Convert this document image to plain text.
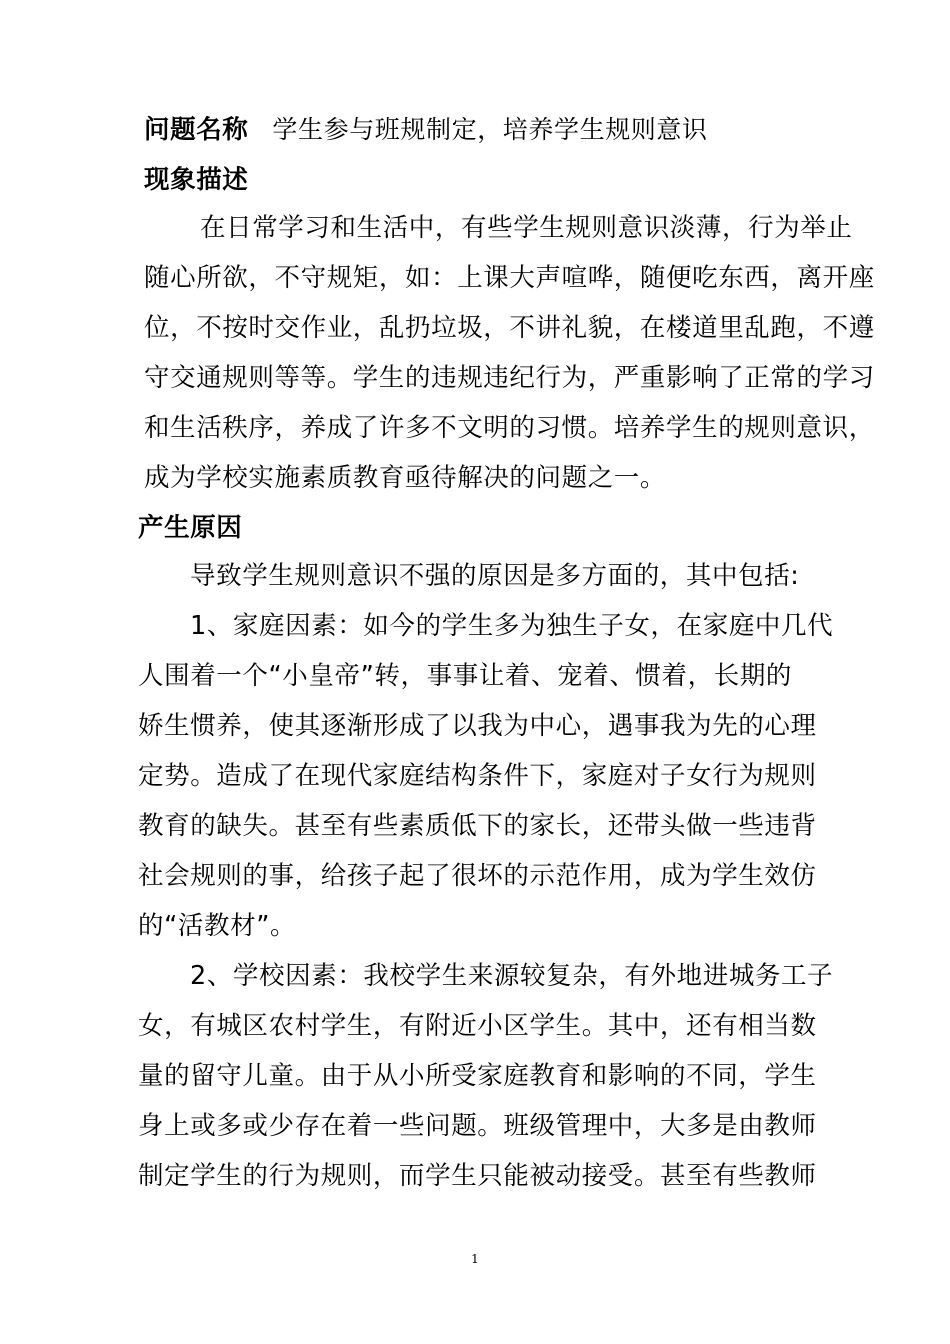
问题名称 学生参与班规制定，培养学生规则意识
现象描述
在日常学习和生活中，有些学生规则意识淡薄，行为举止
随心所欲，不守规矩，如：上课大声喧哗，随便吃东西，离开座
位，不按时交作业，乱扔垃圾，不讲礼貌，在楼道里乱跑，不遵
守交通规则等等。学生的违规违纪行为，严重影响了正常的学习
和生活秩序，养成了许多不文明的习惯。培养学生的规则意识，
成为学校实施素质教育亟待解决的问题之一。
产生原因
导致学生规则意识不强的原因是多方面的，其中包括:
1、家庭因素：如今的学生多为独生子女，在家庭中几代
人围着一个“小皇帝”转，事事让着、宠着、惯着，长期的
娇生惯养，使其逐渐形成了以我为中心，遇事我为先的心理
定势。造成了在现代家庭结构条件下，家庭对子女行为规则
教育的缺失。甚至有些素质低下的家长，还带头做一些违背
社会规则的事，给孩子起了很坏的示范作用，成为学生效仿
的“活教材”。
2、学校因素：我校学生来源较复杂，有外地进城务工子
女，有城区农村学生，有附近小区学生。其中，还有相当数
量的留守儿童。由于从小所受家庭教育和影响的不同，学生
身上或多或少存在着一些问题。班级管理中，大多是由教师
制定学生的行为规则，而学生只能被动接受。甚至有些教师
1
